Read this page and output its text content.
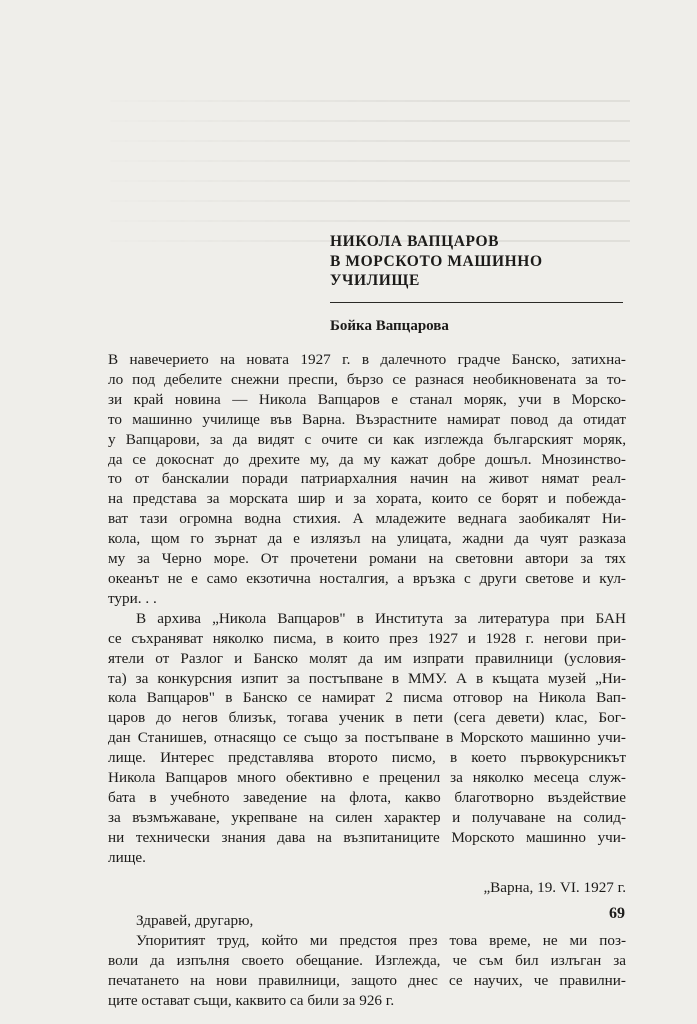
НИКОЛА ВАПЦАРОВ
В МОРСКОТО МАШИННО
УЧИЛИЩЕ
Бойка Вапцарова
В навечерието на новата 1927 г. в далечното градче Банско, затихна-
ло под дебелите снежни преспи, бързо се разнася необикновената за то-
зи край новина — Никола Вапцаров е станал моряк, учи в Морско-
то машинно училище във Варна. Възрастните намират повод да отидат
у Вапцарови, за да видят с очите си как изглежда българският моряк,
да се докоснат до дрехите му, да му кажат добре дошъл. Мнозинство-
то от банскалии поради патриархалния начин на живот нямат реал-
на представа за морската шир и за хората, които се борят и побежда-
ват тази огромна водна стихия. А младежите веднага заобикалят Ни-
кола, щом го зърнат да е излязъл на улицата, жадни да чуят разказа
му за Черно море. От прочетени романи на световни автори за тях
океанът не е само екзотична носталгия, а връзка с други светове и кул-
тури. . .
В архива „Никола Вапцаров" в Института за литература при БАН
се съхраняват няколко писма, в които през 1927 и 1928 г. негови при-
ятели от Разлог и Банско молят да им изпрати правилници (условия-
та) за конкурсния изпит за постъпване в ММУ. А в къщата музей „Ни-
кола Вапцаров" в Банско се намират 2 писма отговор на Никола Вап-
царов до негов близък, тогава ученик в пети (сега девети) клас, Бог-
дан Станишев, отнасящо се също за постъпване в Морското машинно учи-
лище. Интерес представлява второто писмо, в което първокурсникът
Никола Вапцаров много обективно е преценил за няколко месеца служ-
бата в учебното заведение на флота, какво благотворно въздействие
за възмъжаване, укрепване на силен характер и получаване на солид-
ни технически знания дава на възпитаниците Морското машинно учи-
лище.
„Варна, 19. VI. 1927 г.
Здравей, другарю,
Упоритият труд, който ми предстоя през това време, не ми поз-
воли да изпълня своето обещание. Изглежда, че съм бил излъган за
печатането на нови правилници, защото днес се научих, че правилни-
ците остават същи, каквито са били за 926 г.
69
